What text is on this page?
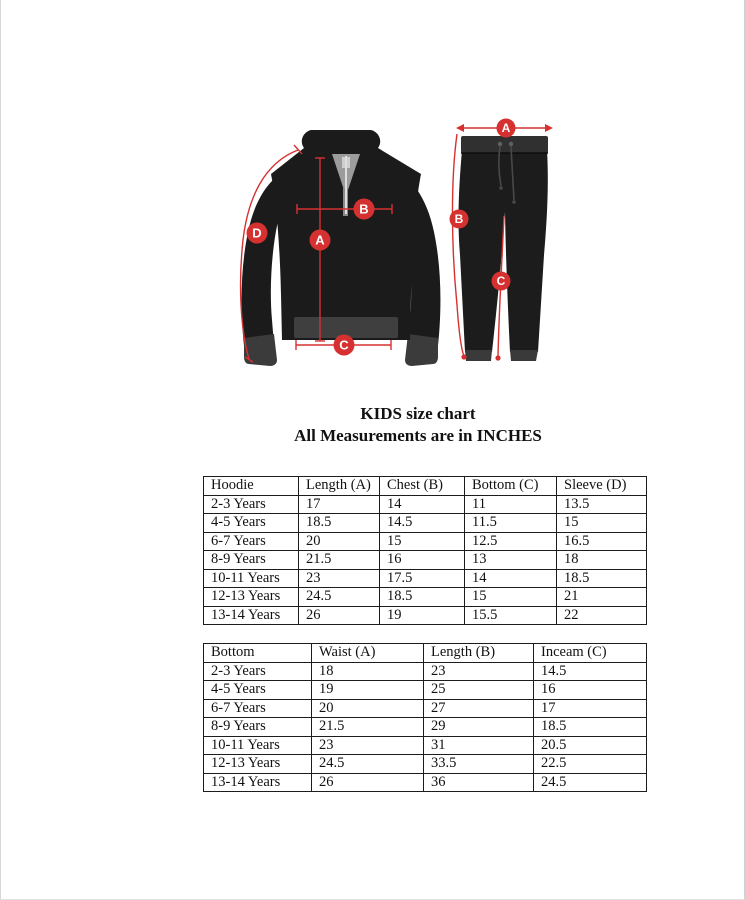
A
B
C
D
A
B
C
KIDS size chart
All Measurements are in INCHES
Hoodie	Length (A)	Chest (B)	Bottom (C)	Sleeve (D)
2-3 Years	17	14	11	13.5
4-5 Years	18.5	14.5	11.5	15
6-7 Years	20	15	12.5	16.5
8-9 Years	21.5	16	13	18
10-11 Years	23	17.5	14	18.5
12-13 Years	24.5	18.5	15	21
13-14 Years	26	19	15.5	22
Bottom	Waist (A)	Length (B)	Inceam (C)
2-3 Years	18	23	14.5
4-5 Years	19	25	16
6-7 Years	20	27	17
8-9 Years	21.5	29	18.5
10-11 Years	23	31	20.5
12-13 Years	24.5	33.5	22.5
13-14 Years	26	36	24.5
